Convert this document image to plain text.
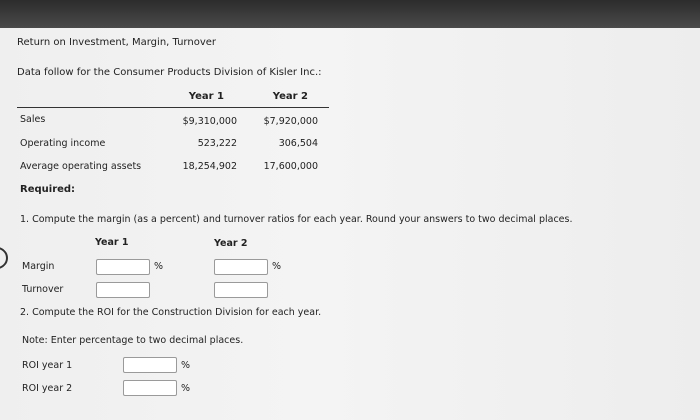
Return on Investment, Margin, Turnover
Data follow for the Consumer Products Division of Kisler Inc.:
Year 1	Year 2
Sales	$9,310,000	$7,920,000
Operating income	523,222	306,504
Average operating assets	18,254,902	17,600,000
Required:
1. Compute the margin (as a percent) and turnover ratios for each year. Round your answers to two decimal places.
Year 1	Year 2
Margin	%	%
Turnover
2. Compute the ROI for the Construction Division for each year.
Note: Enter percentage to two decimal places.
ROI year 1	%
ROI year 2	%
